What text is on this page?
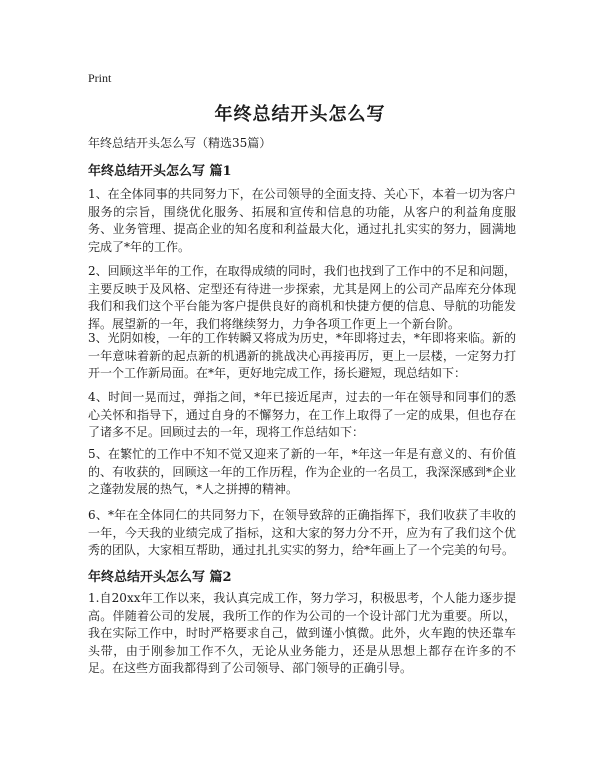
Print
年终总结开头怎么写

年终总结开头怎么写（精选35篇）

年终总结开头怎么写 篇1

1、在全体同事的共同努力下，在公司领导的全面支持、关心下，本着一切为客户服务的宗旨，围绕优化服务、拓展和宣传和信息的功能，从客户的利益角度服务、业务管理、提高企业的知名度和利益最大化，通过扎扎实实的努力，圆满地完成了*年的工作。

2、回顾这半年的工作，在取得成绩的同时，我们也找到了工作中的不足和问题，主要反映于及风格、定型还有待进一步探索，尤其是网上的公司产品库充分体现我们和我们这个平台能为客户提供良好的商机和快捷方便的信息、导航的功能发挥。展望新的一年，我们将继续努力，力争各项工作更上一个新台阶。

3、光阴如梭，一年的工作转瞬又将成为历史，*年即将过去，*年即将来临。新的一年意味着新的起点新的机遇新的挑战决心再接再厉，更上一层楼，一定努力打开一个工作新局面。在*年，更好地完成工作，扬长避短，现总结如下：

4、时间一晃而过，弹指之间，*年已接近尾声，过去的一年在领导和同事们的悉心关怀和指导下，通过自身的不懈努力，在工作上取得了一定的成果，但也存在了诸多不足。回顾过去的一年，现将工作总结如下：

5、在繁忙的工作中不知不觉又迎来了新的一年，*年这一年是有意义的、有价值的、有收获的，回顾这一年的工作历程，作为企业的一名员工，我深深感到*企业之蓬勃发展的热气，*人之拼搏的精神。

6、*年在全体同仁的共同努力下，在领导致辞的正确指挥下，我们收获了丰收的一年，今天我的业绩完成了指标，这和大家的努力分不开，应为有了我们这个优秀的团队，大家相互帮助，通过扎扎实实的努力，给*年画上了一个完美的句号。

年终总结开头怎么写 篇2

1.自20xx年工作以来，我认真完成工作，努力学习，积极思考，个人能力逐步提高。伴随着公司的发展，我所工作的作为公司的一个设计部门尤为重要。所以，我在实际工作中，时时严格要求自己，做到谨小慎微。此外，火车跑的快还靠车头带，由于刚参加工作不久，无论从业务能力，还是从思想上都存在许多的不足。在这些方面我都得到了公司领导、部门领导的正确引导。
